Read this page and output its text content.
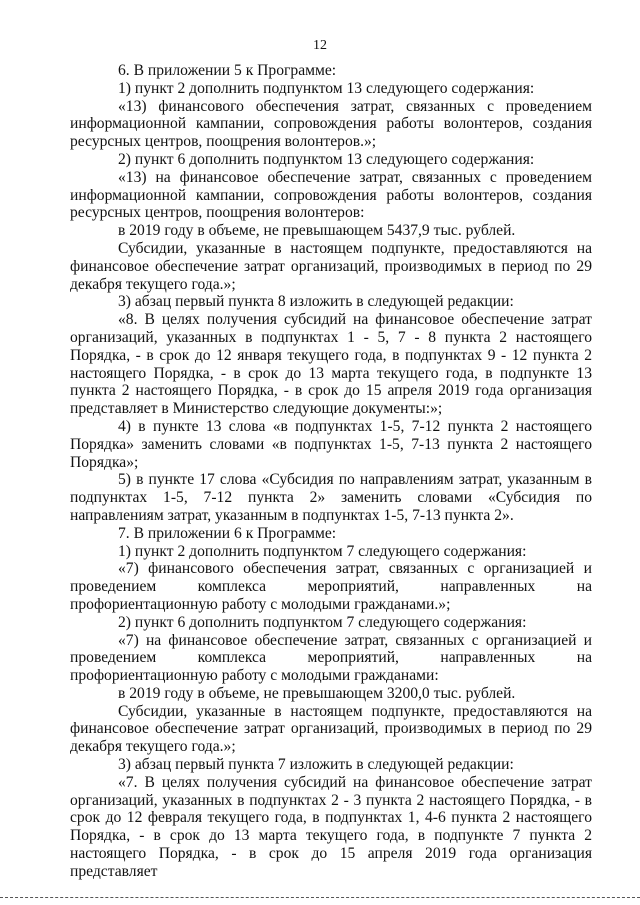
12

6. В приложении 5 к Программе:

1) пункт 2 дополнить подпунктом 13 следующего содержания:

«13) финансового обеспечения затрат, связанных с проведением информационной кампании, сопровождения работы волонтеров, создания ресурсных центров, поощрения волонтеров.»;

2) пункт 6 дополнить подпунктом 13 следующего содержания:

«13) на финансовое обеспечение затрат, связанных с проведением информационной кампании, сопровождения работы волонтеров, создания ресурсных центров, поощрения волонтеров:

в 2019 году в объеме, не превышающем 5437,9 тыс. рублей.

Субсидии, указанные в настоящем подпункте, предоставляются на финансовое обеспечение затрат организаций, производимых в период по 29 декабря текущего года.»;

3) абзац первый пункта 8 изложить в следующей редакции:

«8. В целях получения субсидий на финансовое обеспечение затрат организаций, указанных в подпунктах 1 - 5, 7 - 8 пункта 2 настоящего Порядка, - в срок до 12 января текущего года, в подпунктах 9 - 12 пункта 2 настоящего Порядка, - в срок до 13 марта текущего года, в подпункте 13 пункта 2 настоящего Порядка, - в срок до 15 апреля 2019 года организация представляет в Министерство следующие документы:»;

4) в пункте 13 слова «в подпунктах 1-5, 7-12 пункта 2 настоящего Порядка» заменить словами «в подпунктах 1-5, 7-13 пункта 2 настоящего Порядка»;

5) в пункте 17 слова «Субсидия по направлениям затрат, указанным в подпунктах 1-5, 7-12 пункта 2» заменить словами «Субсидия по направлениям затрат, указанным в подпунктах 1-5, 7-13 пункта 2».

7. В приложении 6 к Программе:

1) пункт 2 дополнить подпунктом 7 следующего содержания:

«7) финансового обеспечения затрат, связанных с организацией и проведением комплекса мероприятий, направленных на профориентационную работу с молодыми гражданами.»;

2) пункт 6 дополнить подпунктом 7 следующего содержания:

«7) на финансовое обеспечение затрат, связанных с организацией и проведением комплекса мероприятий, направленных на профориентационную работу с молодыми гражданами:

в 2019 году в объеме, не превышающем 3200,0 тыс. рублей.

Субсидии, указанные в настоящем подпункте, предоставляются на финансовое обеспечение затрат организаций, производимых в период по 29 декабря текущего года.»;

3) абзац первый пункта 7 изложить в следующей редакции:

«7. В целях получения субсидий на финансовое обеспечение затрат организаций, указанных в подпунктах 2 - 3 пункта 2 настоящего Порядка, - в срок до 12 февраля текущего года, в подпунктах 1, 4-6 пункта 2 настоящего Порядка, - в срок до 13 марта текущего года, в подпункте 7 пункта 2 настоящего Порядка, - в срок до 15 апреля 2019 года организация представляет
